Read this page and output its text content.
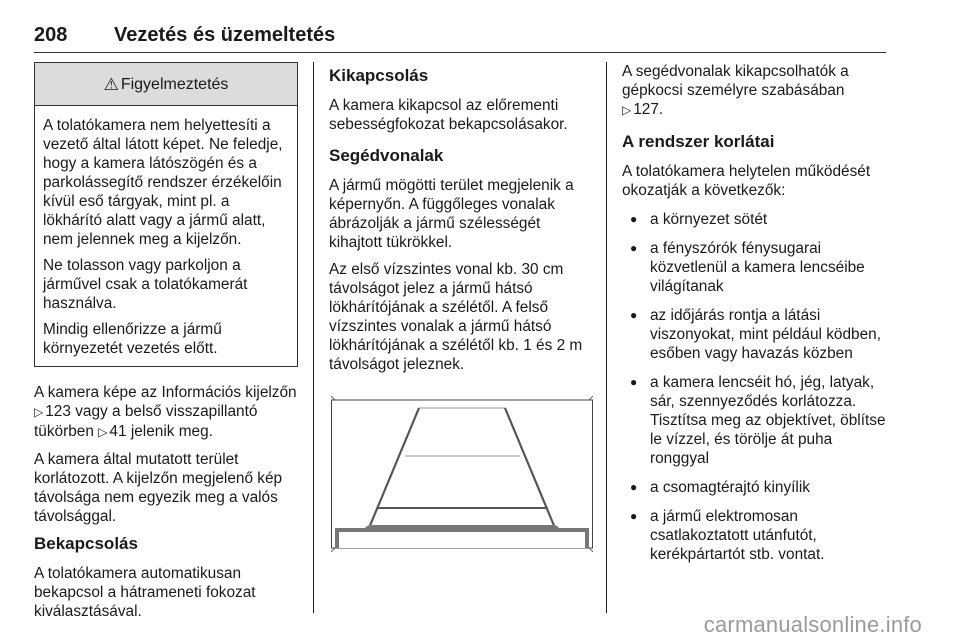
208 Vezetés és üzemeltetés
⚠ Figyelmeztetés

A tolatókamera nem helyettesíti a vezető által látott képet. Ne feledje, hogy a kamera látószögén és a parkolássegítő rendszer érzékelőin kívül eső tárgyak, mint pl. a lökhárító alatt vagy a jármű alatt, nem jelennek meg a kijelzőn.

Ne tolasson vagy parkoljon a járművel csak a tolatókamerát használva.

Mindig ellenőrizze a jármű környezetét vezetés előtt.

A kamera képe az Információs kijelzőn ▷ 123 vagy a belső visszapillantó tükörben ▷ 41 jelenik meg.

A kamera által mutatott terület korlátozott. A kijelzőn megjelenő kép távolsága nem egyezik meg a valós távolsággal.

Bekapcsolás

A tolatókamera automatikusan bekapcsol a hátrameneti fokozat kiválasztásával.

Kikapcsolás

A kamera kikapcsol az előrementi sebességfokozat bekapcsolásakor.

Segédvonalak

A jármű mögötti terület megjelenik a képernyőn. A függőleges vonalak ábrázolják a jármű szélességét kihajtott tükrökkel.

Az első vízszintes vonal kb. 30 cm távolságot jelez a jármű hátsó lökhárítójának a szélétől. A felső vízszintes vonalak a jármű hátsó lökhárítójának a szélétől kb. 1 és 2 m távolságot jeleznek.

A segédvonalak kikapcsolhatók a gépkocsi személyre szabásában ▷ 127.

A rendszer korlátai

A tolatókamera helytelen működését okozatják a következők:

● a környezet sötét
● a fényszórók fénysugarai közvetlenül a kamera lencséibe világítanak
● az időjárás rontja a látási viszonyokat, mint például ködben, esőben vagy havazás közben
● a kamera lencséit hó, jég, latyak, sár, szennyeződés korlátozza. Tisztítsa meg az objektívet, öblítse le vízzel, és törölje át puha ronggyal
● a csomagtérajtó kinyílik
● a jármű elektromosan csatlakoztatott utánfutót, kerékpártartót stb. vontat.
carmanualsonline.info
